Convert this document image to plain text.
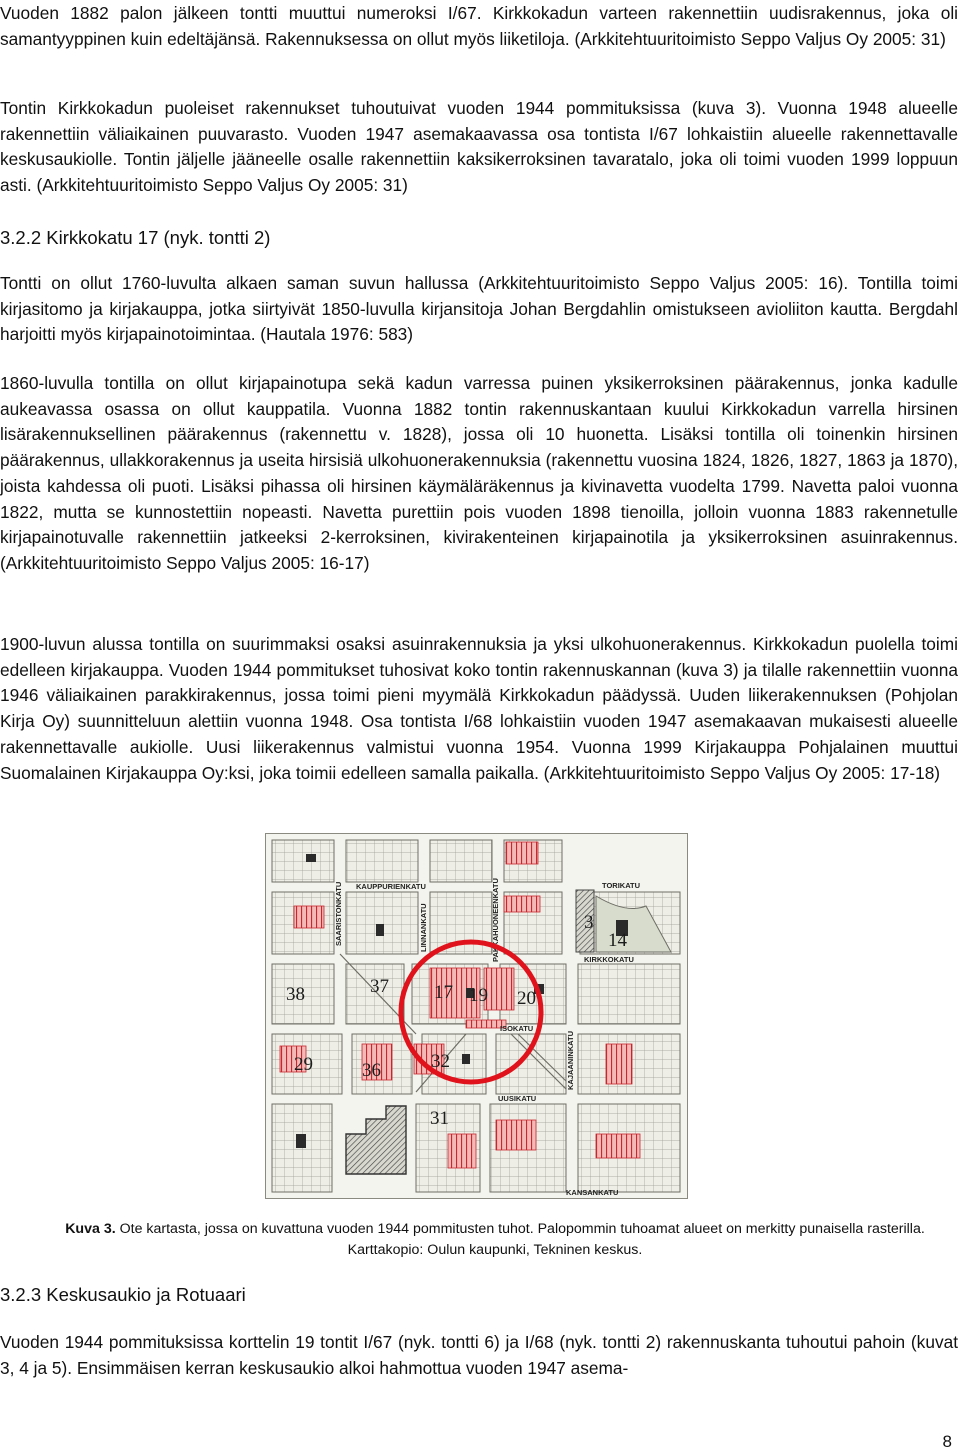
Vuoden 1882 palon jälkeen tontti muuttui numeroksi I/67. Kirkkokadun varteen rakennettiin uudisrakennus, joka oli samantyyppinen kuin edeltäjänsä. Rakennuksessa on ollut myös liiketiloja. (Arkkitehtuuritoimisto Seppo Valjus Oy 2005: 31)

Tontin Kirkkokadun puoleiset rakennukset tuhoutuivat vuoden 1944 pommituksissa (kuva 3). Vuonna 1948 alueelle rakennettiin väliaikainen puuvarasto. Vuoden 1947 asemakaavassa osa tontista I/67 lohkaistiin alueelle rakennettavalle keskusaukiolle. Tontin jäljelle jääneelle osalle rakennettiin kaksikerroksinen tavaratalo, joka oli toimi vuoden 1999 loppuun asti. (Arkkitehtuuritoimisto Seppo Valjus Oy 2005: 31)

3.2.2 Kirkkokatu 17 (nyk. tontti 2)

Tontti on ollut 1760-luvulta alkaen saman suvun hallussa (Arkkitehtuuritoimisto Seppo Valjus 2005: 16). Tontilla toimi kirjasitomo ja kirjakauppa, jotka siirtyivät 1850-luvulla kirjansitoja Johan Bergdahlin omistukseen avioliiton kautta. Bergdahl harjoitti myös kirjapainotoimintaa. (Hautala 1976: 583)

1860-luvulla tontilla on ollut kirjapainotupa sekä kadun varressa puinen yksikerroksinen päärakennus, jonka kadulle aukeavassa osassa on ollut kauppatila. Vuonna 1882 tontin rakennuskantaan kuului Kirkkokadun varrella hirsinen lisärakennuksellinen päärakennus (rakennettu v. 1828), jossa oli 10 huonetta. Lisäksi tontilla oli toinenkin hirsinen päärakennus, ullakkorakennus ja useita hirsisiä ulkohuonerakennuksia (rakennettu vuosina 1824, 1826, 1827, 1863 ja 1870), joista kahdessa oli puoti. Lisäksi pihassa oli hirsinen käymäläräkennus ja kivinavetta vuodelta 1799. Navetta paloi vuonna 1822, mutta se kunnostettiin nopeasti. Navetta purettiin pois vuoden 1898 tienoilla, jolloin vuonna 1883 rakennetulle kirjapainotuvalle rakennettiin jatkeeksi 2-kerroksinen, kivirakenteinen kirjapainotila ja yksikerroksinen asuinrakennus. (Arkkitehtuuritoimisto Seppo Valjus 2005: 16-17)

1900-luvun alussa tontilla on suurimmaksi osaksi asuinrakennuksia ja yksi ulkohuonerakennus. Kirkkokadun puolella toimi edelleen kirjakauppa. Vuoden 1944 pommitukset tuhosivat koko tontin rakennuskannan (kuva 3) ja tilalle rakennettiin vuonna 1946 väliaikainen parakkirakennus, jossa toimi pieni myymälä Kirkkokadun päädyssä. Uuden liikerakennuksen (Pohjolan Kirja Oy) suunnitteluun alettiin vuonna 1948. Osa tontista I/68 lohkaistiin vuoden 1947 asemakaavan mukaisesti alueelle rakennettavalle aukiolle. Uusi liikerakennus valmistui vuonna 1954. Vuonna 1999 Kirjakauppa Pohjalainen muuttui Suomalainen Kirjakauppa Oy:ksi, joka toimii edelleen samalla paikalla. (Arkkitehtuuritoimisto Seppo Valjus Oy 2005: 17-18)

37
38
36
29	32
17 19 20
31
3
14
TORIKATU
KIRKKOKATU
ISOKATU
UUSIKATU
KANSANKATU
KAUPPURIENKATU
SAARISTONKATU	LINNANKATU	PAKKAHUONEENKATU
KAJAANINKATU
Kuva 3. Ote kartasta, jossa on kuvattuna vuoden 1944 pommitusten tuhot. Palopommin tuhoamat alueet on merkitty punaisella rasterilla. Karttakopio: Oulun kaupunki, Tekninen keskus.
3.2.3 Keskusaukio ja Rotuaari

Vuoden 1944 pommituksissa korttelin 19 tontit I/67 (nyk. tontti 6) ja I/68 (nyk. tontti 2) rakennuskanta tuhoutui pahoin (kuvat 3, 4 ja 5). Ensimmäisen kerran keskusaukio alkoi hahmottua vuoden 1947 asema-

8
